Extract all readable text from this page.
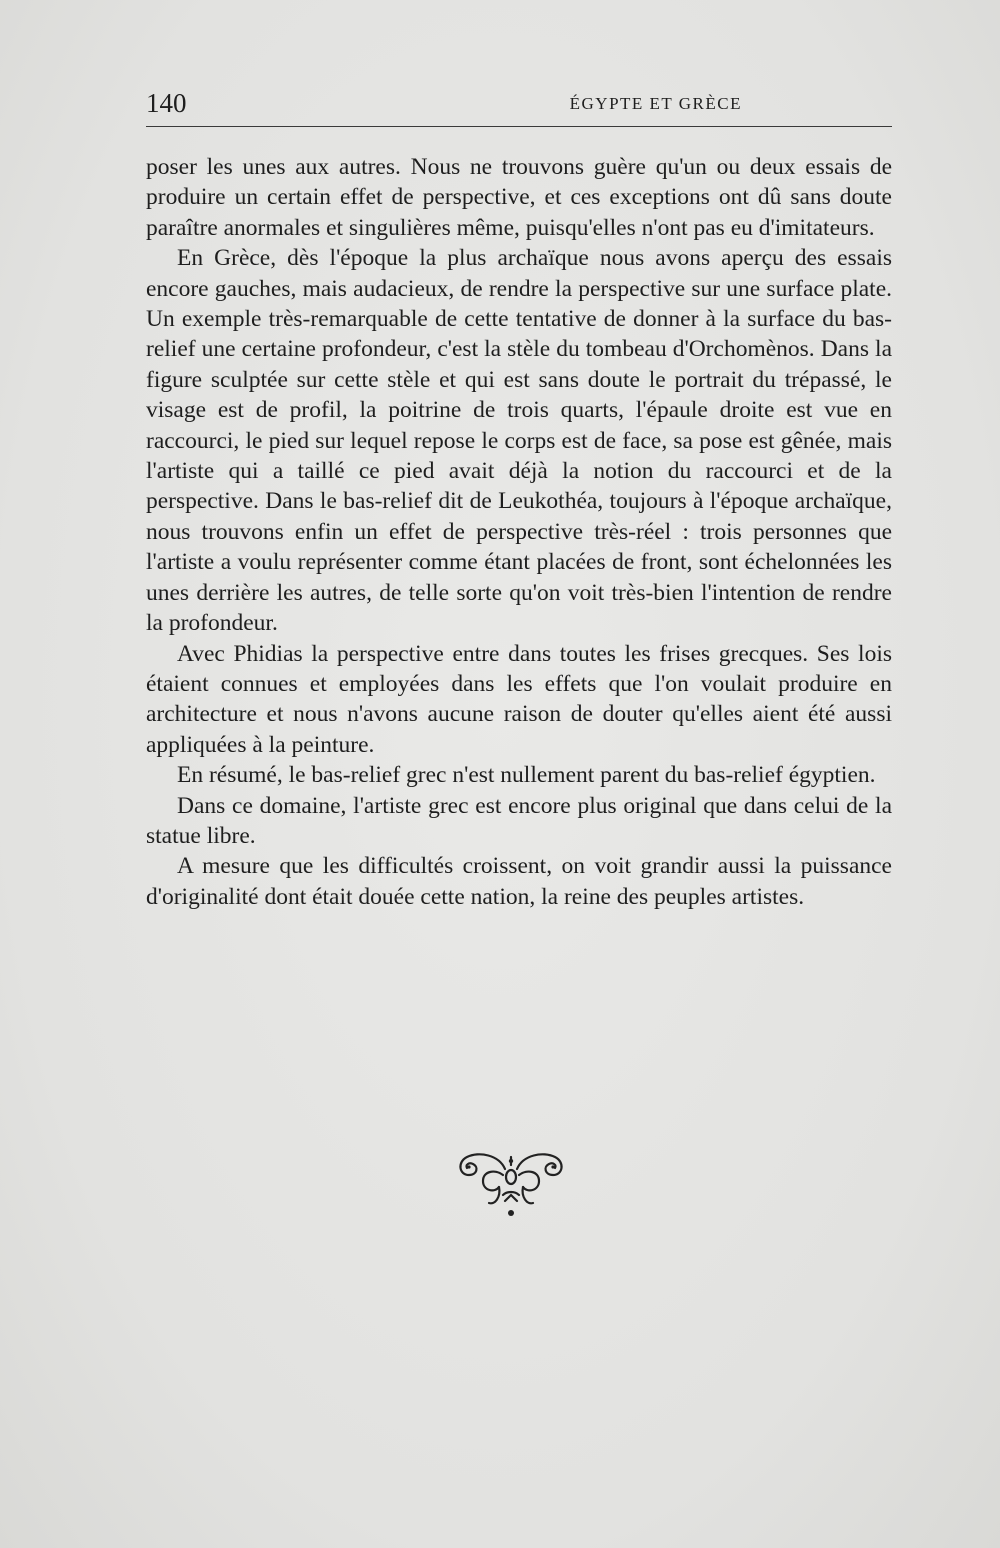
140	ÉGYPTE ET GRÈCE

poser les unes aux autres. Nous ne trouvons guère qu'un ou deux essais de produire un certain effet de perspective, et ces exceptions ont dû sans doute paraître anormales et singulières même, puisqu'elles n'ont pas eu d'imitateurs.

En Grèce, dès l'époque la plus archaïque nous avons aperçu des essais encore gauches, mais audacieux, de rendre la perspective sur une surface plate. Un exemple très-remarquable de cette tentative de donner à la surface du bas-relief une certaine profondeur, c'est la stèle du tombeau d'Orchomènos. Dans la figure sculptée sur cette stèle et qui est sans doute le portrait du trépassé, le visage est de profil, la poitrine de trois quarts, l'épaule droite est vue en raccourci, le pied sur lequel repose le corps est de face, sa pose est gênée, mais l'artiste qui a taillé ce pied avait déjà la notion du raccourci et de la perspective. Dans le bas-relief dit de Leukothéa, toujours à l'époque archaïque, nous trouvons enfin un effet de perspective très-réel : trois personnes que l'artiste a voulu représenter comme étant placées de front, sont échelonnées les unes derrière les autres, de telle sorte qu'on voit très-bien l'intention de rendre la profondeur.

Avec Phidias la perspective entre dans toutes les frises grecques. Ses lois étaient connues et employées dans les effets que l'on voulait produire en architecture et nous n'avons aucune raison de douter qu'elles aient été aussi appliquées à la peinture.

En résumé, le bas-relief grec n'est nullement parent du bas-relief égyptien.

Dans ce domaine, l'artiste grec est encore plus original que dans celui de la statue libre.

A mesure que les difficultés croissent, on voit grandir aussi la puissance d'originalité dont était douée cette nation, la reine des peuples artistes.
